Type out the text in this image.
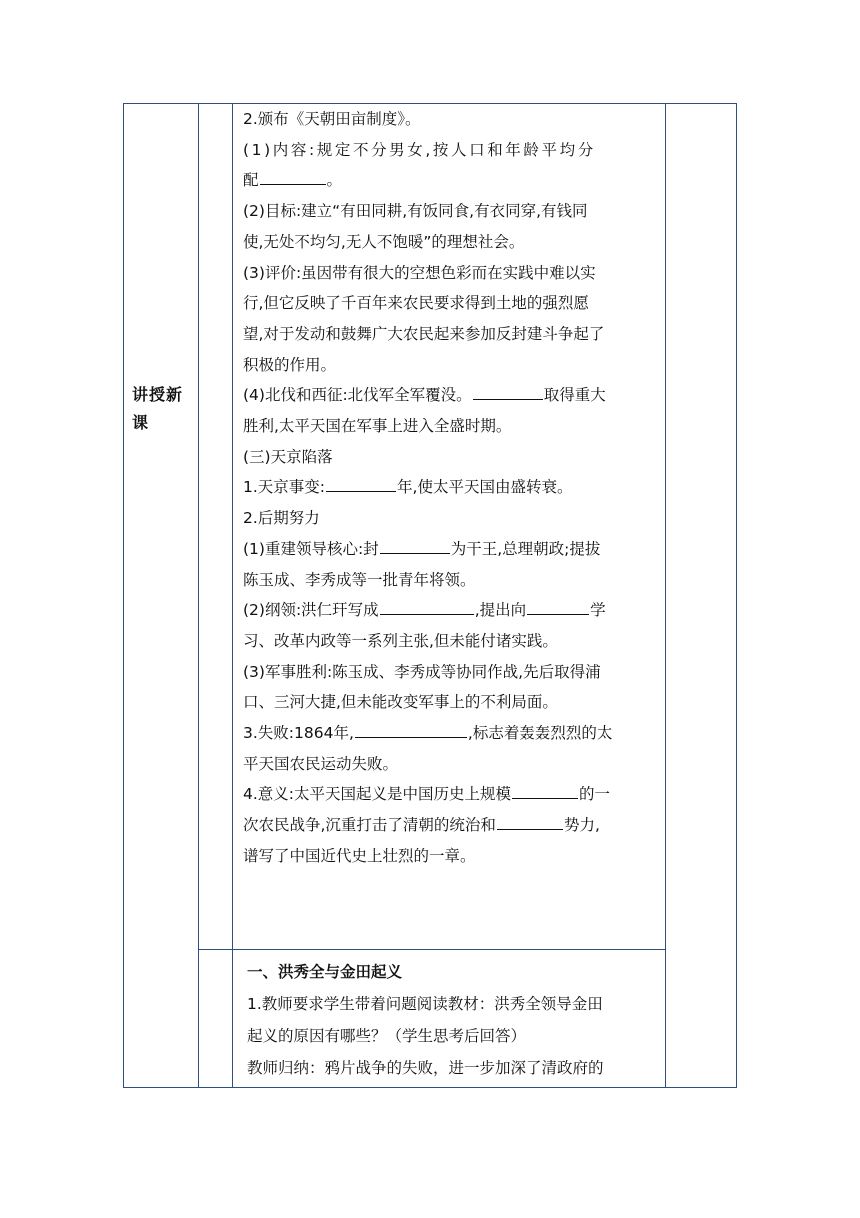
讲授新课

2.颁布《天朝田亩制度》。

(1)内容:规定不分男女,按人口和年龄平均分

配	。

(2)目标:建立“有田同耕,有饭同食,有衣同穿,有钱同

使,无处不均匀,无人不饱暖”的理想社会。

(3)评价:虽因带有很大的空想色彩而在实践中难以实

行,但它反映了千百年来农民要求得到土地的强烈愿

望,对于发动和鼓舞广大农民起来参加反封建斗争起了

积极的作用。

(4)北伐和西征:北伐军全军覆没。	取得重大

胜利,太平天国在军事上进入全盛时期。

(三)天京陷落

1.天京事变:	年,使太平天国由盛转衰。

2.后期努力

(1)重建领导核心:封	为干王,总理朝政;提拔

陈玉成、李秀成等一批青年将领。

(2)纲领:洪仁玕写成	,提出向	学

习、改革内政等一系列主张,但未能付诸实践。

(3)军事胜利:陈玉成、李秀成等协同作战,先后取得浦

口、三河大捷,但未能改变军事上的不利局面。

3.失败:1864年,	,标志着轰轰烈烈的太

平天国农民运动失败。

4.意义:太平天国起义是中国历史上规模	的一

次农民战争,沉重打击了清朝的统治和	势力,

谱写了中国近代史上壮烈的一章。

一、洪秀全与金田起义

1.教师要求学生带着问题阅读教材：洪秀全领导金田

起义的原因有哪些？（学生思考后回答）

教师归纳：鸦片战争的失败，进一步加深了清政府的
